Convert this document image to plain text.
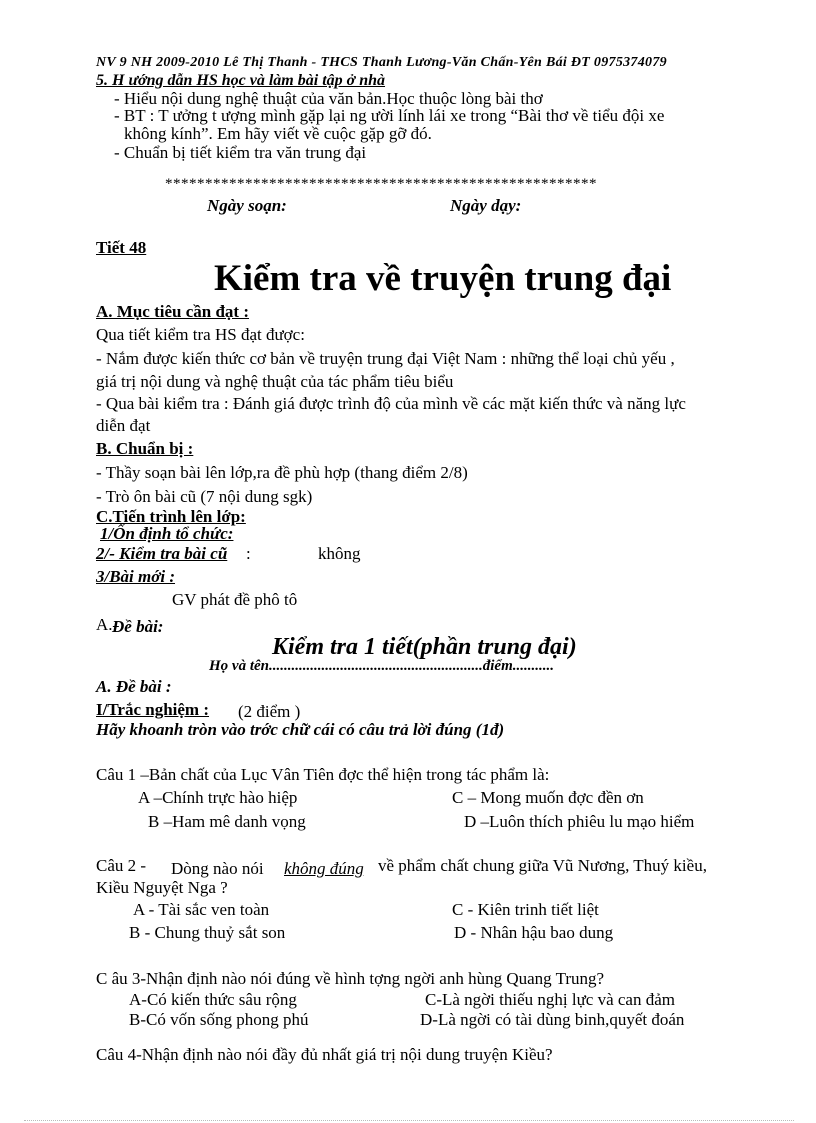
NV 9 NH 2009-2010 Lê Thị Thanh - THCS Thanh Lương-Văn Chấn-Yên Bái ĐT 0975374079
5. H ướng dẫn HS học và làm bài tập ở nhà
- Hiểu nội dung nghệ thuật của văn bản.Học thuộc lòng bài thơ
- BT : T ưởng t ượng mình gặp lại ng ười lính lái xe trong “Bài thơ về tiểu đội xe
không kính”. Em hãy viết về cuộc gặp gỡ đó.
- Chuẩn bị tiết kiểm tra văn trung đại
******************************************************
Ngày soạn:	Ngày dạy:
Tiết 48
Kiểm tra về truyện trung đại
A. Mục tiêu cần đạt :
Qua tiết kiểm tra HS đạt được:
- Nắm được kiến thức cơ bản về truyện trung đại Việt Nam : những thể loại chủ yếu ,
giá trị nội dung và nghệ thuật của tác phẩm tiêu biểu
- Qua bài kiểm tra : Đánh giá được trình độ của mình về các mặt kiến thức và năng lực
diễn đạt
B. Chuẩn bị :
- Thầy soạn bài lên lớp,ra đề phù hợp (thang điểm 2/8)
- Trò ôn bài cũ (7 nội dung sgk)
C.Tiến trình lên lớp:
1/Ổn định tổ chức:
2/- Kiểm tra bài cũ :	không
3/Bài mới :
GV phát đề phô tô
A. Đề bài:
Kiểm tra 1 tiết(phần trung đại)
Họ và tên.........................................................điểm...........
A. Đề bài :
I/Trắc nghiệm : (2 điểm )
Hãy khoanh tròn vào trớc chữ cái có câu trả lời đúng (1đ)
Câu 1 –Bản chất của Lục Vân Tiên đợc thể hiện trong tác phẩm là:
A –Chính trực hào hiệp
B –Ham mê danh vọng
C – Mong muốn đợc đền ơn
D –Luôn thích phiêu lu mạo hiểm
Câu 2 - Dòng nào nói không đúng về phẩm chất chung giữa Vũ Nương, Thuý kiều,
Kiều Nguyệt Nga ?
A - Tài sắc ven toàn
B - Chung thuỷ sắt son
C - Kiên trinh tiết liệt
D - Nhân hậu bao dung
C âu 3-Nhận định nào nói đúng về hình tợng ngời anh hùng Quang Trung?
A-Có kiến thức sâu rộng
B-Có vốn sống phong phú
C-Là ngời thiếu nghị lực và can đảm
D-Là ngời có tài dùng binh,quyết đoán
Câu 4-Nhận định nào nói đầy đủ nhất giá trị nội dung truyện Kiều?
